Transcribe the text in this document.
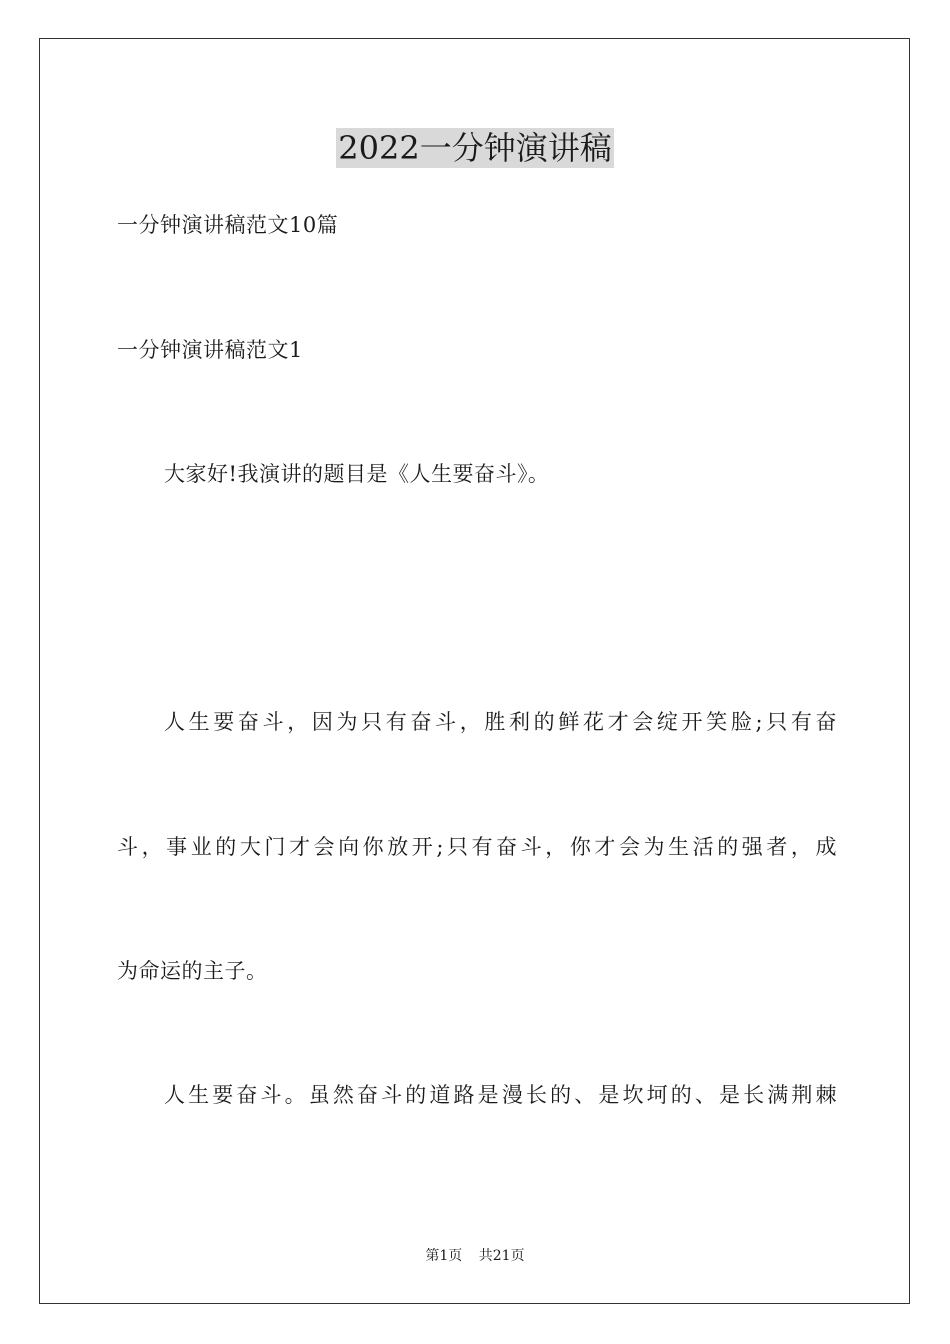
2022一分钟演讲稿
一分钟演讲稿范文10篇
一分钟演讲稿范文1
大家好!我演讲的题目是《人生要奋斗》。
人生要奋斗，因为只有奋斗，胜利的鲜花才会绽开笑脸;只有奋
斗，事业的大门才会向你放开;只有奋斗，你才会为生活的强者，成
为命运的主子。
人生要奋斗。虽然奋斗的道路是漫长的、是坎坷的、是长满荆棘
第1页 共21页
